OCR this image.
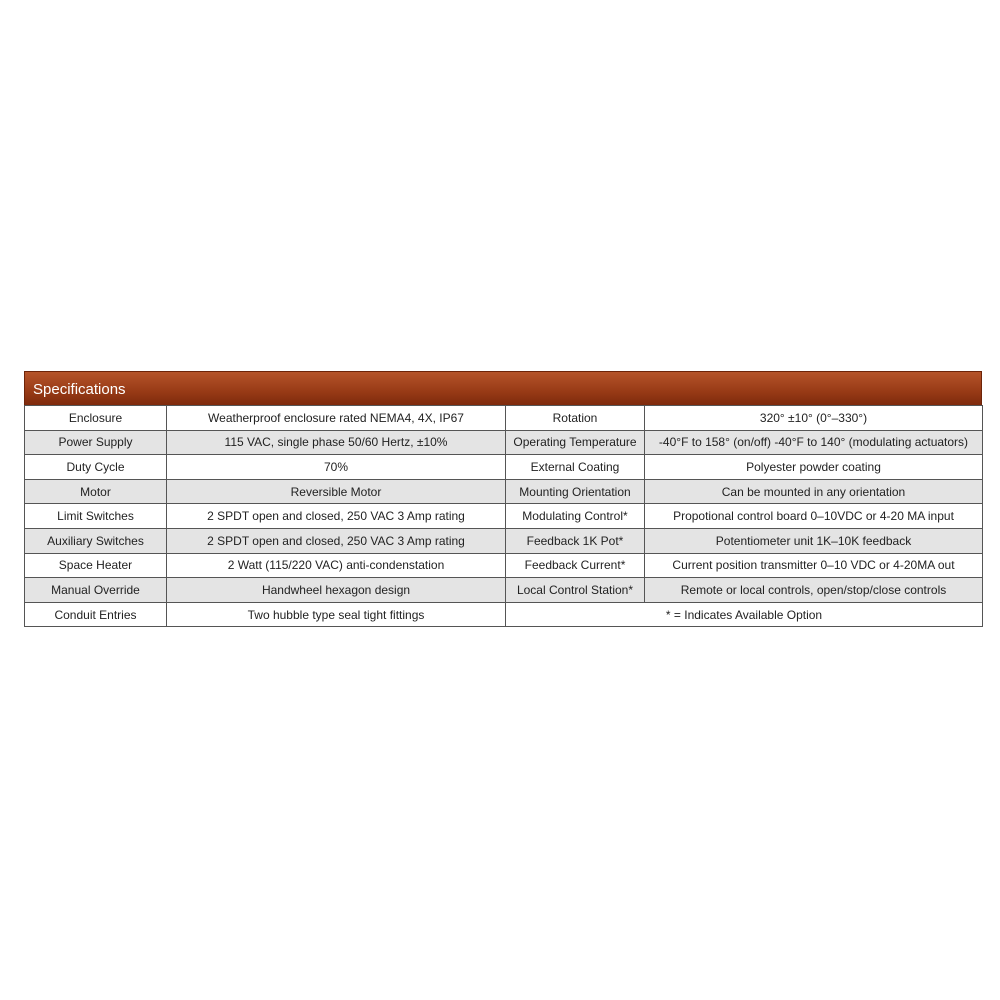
Specifications
Enclosure	Weatherproof enclosure rated NEMA4, 4X, IP67	Rotation	320° ±10° (0°–330°)
Power Supply	115 VAC, single phase 50/60 Hertz, ±10%	Operating Temperature	-40°F to 158° (on/off) -40°F to 140° (modulating actuators)
Duty Cycle	70%	External Coating	Polyester powder coating
Motor	Reversible Motor	Mounting Orientation	Can be mounted in any orientation
Limit Switches	2 SPDT open and closed, 250 VAC 3 Amp rating	Modulating Control*	Propotional control board 0–10VDC or 4-20 MA input
Auxiliary Switches	2 SPDT open and closed, 250 VAC 3 Amp rating	Feedback 1K Pot*	Potentiometer unit 1K–10K feedback
Space Heater	2 Watt (115/220 VAC) anti-condenstation	Feedback Current*	Current position transmitter 0–10 VDC or 4-20MA out
Manual Override	Handwheel hexagon design	Local Control Station*	Remote or local controls, open/stop/close controls
Conduit Entries	Two hubble type seal tight fittings	* = Indicates Available Option	
